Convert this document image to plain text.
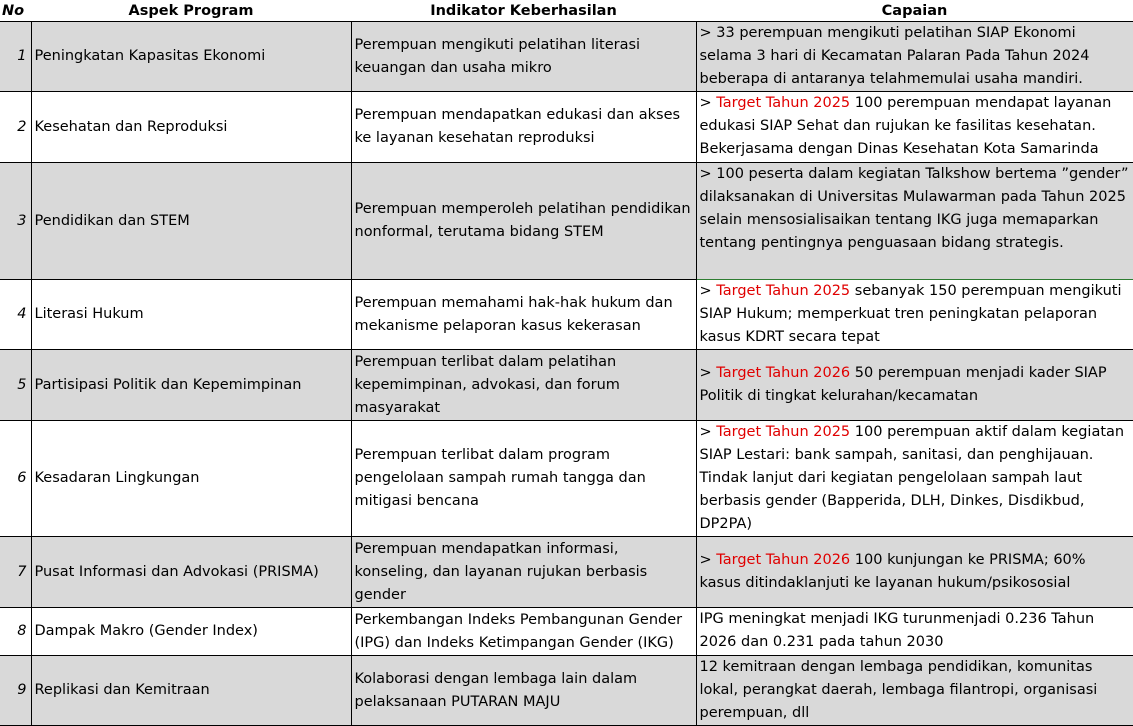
No	Aspek Program	Indikator Keberhasilan	Capaian
1	Peningkatan Kapasitas Ekonomi	Perempuan mengikuti pelatihan literasi keuangan dan usaha mikro	> 33 perempuan mengikuti pelatihan SIAP Ekonomi selama 3 hari di Kecamatan Palaran Pada Tahun 2024 beberapa di antaranya telahmemulai usaha mandiri.
2	Kesehatan dan Reproduksi	Perempuan mendapatkan edukasi dan akses ke layanan kesehatan reproduksi	> Target Tahun 2025 100 perempuan mendapat layanan edukasi SIAP Sehat dan rujukan ke fasilitas kesehatan. Bekerjasama dengan Dinas Kesehatan Kota Samarinda
3	Pendidikan dan STEM	Perempuan memperoleh pelatihan pendidikan nonformal, terutama bidang STEM	> 100 peserta dalam kegiatan Talkshow bertema ”gender” dilaksanakan di Universitas Mulawarman pada Tahun 2025 selain mensosialisaikan tentang IKG juga memaparkan tentang pentingnya penguasaan bidang strategis.
4	Literasi Hukum	Perempuan memahami hak-hak hukum dan mekanisme pelaporan kasus kekerasan	> Target Tahun 2025 sebanyak 150 perempuan mengikuti SIAP Hukum; memperkuat tren peningkatan pelaporan kasus KDRT secara tepat
5	Partisipasi Politik dan Kepemimpinan	Perempuan terlibat dalam pelatihan kepemimpinan, advokasi, dan forum masyarakat	> Target Tahun 2026 50 perempuan menjadi kader SIAP Politik di tingkat kelurahan/kecamatan
6	Kesadaran Lingkungan	Perempuan terlibat dalam program pengelolaan sampah rumah tangga dan mitigasi bencana	> Target Tahun 2025 100 perempuan aktif dalam kegiatan SIAP Lestari: bank sampah, sanitasi, dan penghijauan. Tindak lanjut dari kegiatan pengelolaan sampah laut berbasis gender (Bapperida, DLH, Dinkes, Disdikbud, DP2PA)
7	Pusat Informasi dan Advokasi (PRISMA)	Perempuan mendapatkan informasi, konseling, dan layanan rujukan berbasis gender	> Target Tahun 2026 100 kunjungan ke PRISMA; 60% kasus ditindaklanjuti ke layanan hukum/psikososial
8	Dampak Makro (Gender Index)	Perkembangan Indeks Pembangunan Gender (IPG) dan Indeks Ketimpangan Gender (IKG)	IPG meningkat menjadi IKG turunmenjadi 0.236 Tahun 2026 dan 0.231 pada tahun 2030
9	Replikasi dan Kemitraan	Kolaborasi dengan lembaga lain dalam pelaksanaan PUTARAN MAJU	12 kemitraan dengan lembaga pendidikan, komunitas lokal, perangkat daerah, lembaga filantropi, organisasi perempuan, dll
